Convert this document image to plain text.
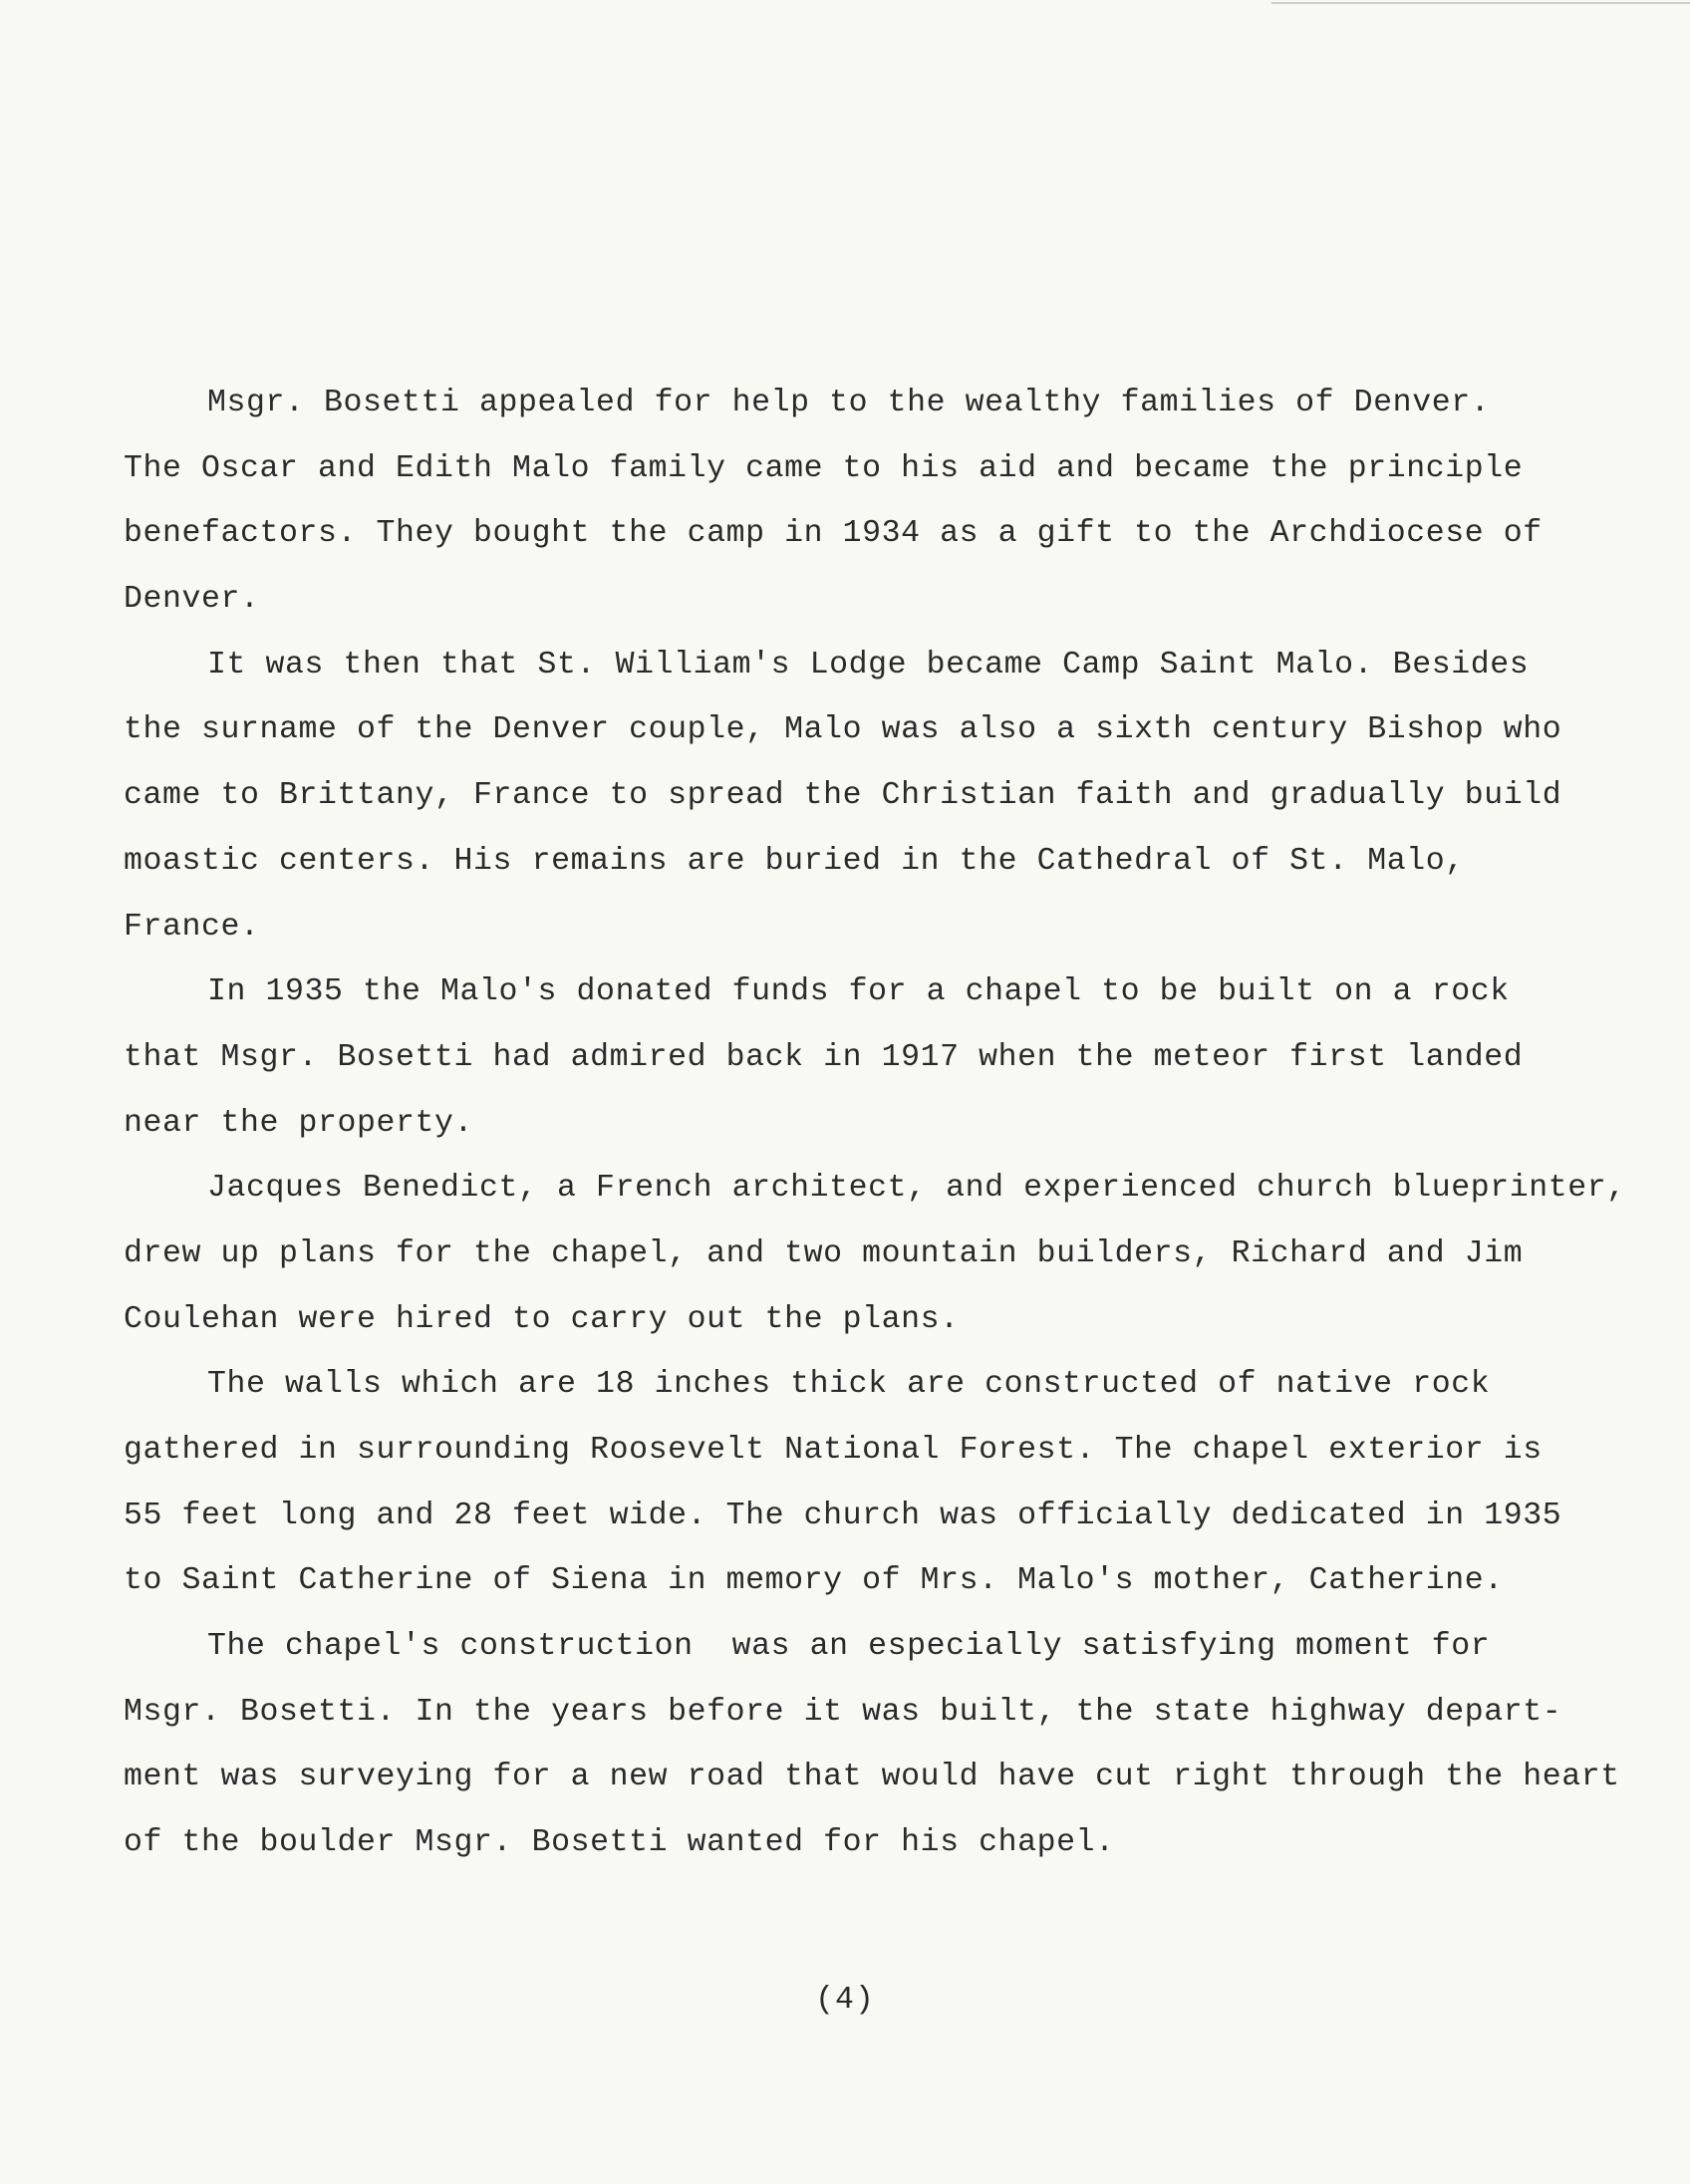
Msgr. Bosetti appealed for help to the wealthy families of Denver.
The Oscar and Edith Malo family came to his aid and became the principle
benefactors. They bought the camp in 1934 as a gift to the Archdiocese of
Denver.
It was then that St. William's Lodge became Camp Saint Malo. Besides
the surname of the Denver couple, Malo was also a sixth century Bishop who
came to Brittany, France to spread the Christian faith and gradually build
moastic centers. His remains are buried in the Cathedral of St. Malo,
France.
In 1935 the Malo's donated funds for a chapel to be built on a rock
that Msgr. Bosetti had admired back in 1917 when the meteor first landed
near the property.
Jacques Benedict, a French architect, and experienced church blueprinter,
drew up plans for the chapel, and two mountain builders, Richard and Jim
Coulehan were hired to carry out the plans.
The walls which are 18 inches thick are constructed of native rock
gathered in surrounding Roosevelt National Forest. The chapel exterior is
55 feet long and 28 feet wide. The church was officially dedicated in 1935
to Saint Catherine of Siena in memory of Mrs. Malo's mother, Catherine.
The chapel's construction  was an especially satisfying moment for
Msgr. Bosetti. In the years before it was built, the state highway depart-
ment was surveying for a new road that would have cut right through the heart
of the boulder Msgr. Bosetti wanted for his chapel.
(4)
